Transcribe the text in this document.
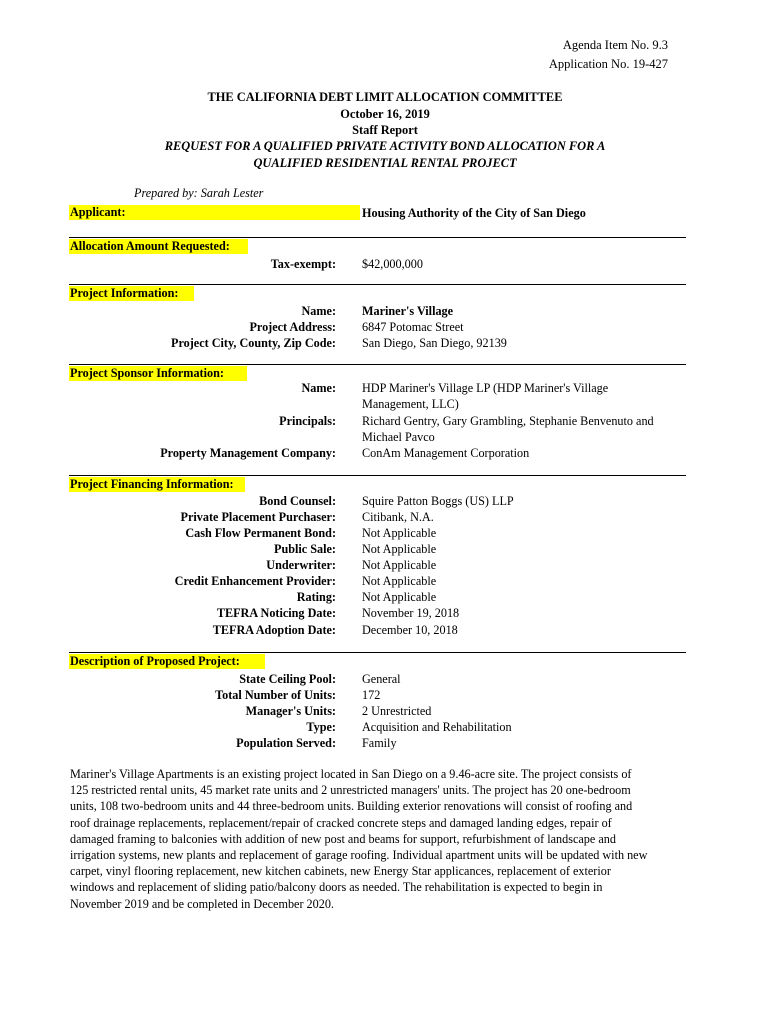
Agenda Item No. 9.3
Application No. 19-427
THE CALIFORNIA DEBT LIMIT ALLOCATION COMMITTEE
October 16, 2019
Staff Report
REQUEST FOR A QUALIFIED PRIVATE ACTIVITY BOND ALLOCATION FOR A
QUALIFIED RESIDENTIAL RENTAL PROJECT
Prepared by: Sarah Lester
Applicant:	Housing Authority of the City of San Diego
Allocation Amount Requested:
Tax-exempt: $42,000,000
Project Information:
Name:
Project Address:
Project City, County, Zip Code:
Mariner's Village
6847 Potomac Street
San Diego, San Diego, 92139
Project Sponsor Information:
Name: HDP Mariner's Village LP (HDP Mariner's Village
Management, LLC)
Principals: Richard Gentry, Gary Grambling, Stephanie Benvenuto and
Michael Pavco
Property Management Company: ConAm Management Corporation
Project Financing Information:
Bond Counsel:
Private Placement Purchaser:
Cash Flow Permanent Bond:
Public Sale:
Underwriter:
Credit Enhancement Provider:
Rating:
TEFRA Noticing Date:
TEFRA Adoption Date:
Squire Patton Boggs (US) LLP
Citibank, N.A.
Not Applicable
Not Applicable
Not Applicable
Not Applicable
Not Applicable
November 19, 2018
December 10, 2018
Description of Proposed Project:
State Ceiling Pool:
Total Number of Units:
Manager's Units:
Type:
Population Served:
General
172
2 Unrestricted
Acquisition and Rehabilitation
Family
Mariner's Village Apartments is an existing project located in San Diego on a 9.46-acre site. The project consists of
125 restricted rental units, 45 market rate units and 2 unrestricted managers' units. The project has 20 one-bedroom
units, 108 two-bedroom units and 44 three-bedroom units. Building exterior renovations will consist of roofing and
roof drainage replacements, replacement/repair of cracked concrete steps and damaged landing edges, repair of
damaged framing to balconies with addition of new post and beams for support, refurbishment of landscape and
irrigation systems, new plants and replacement of garage roofing. Individual apartment units will be updated with new
carpet, vinyl flooring replacement, new kitchen cabinets, new Energy Star applicances, replacement of exterior
windows and replacement of sliding patio/balcony doors as needed. The rehabilitation is expected to begin in
November 2019 and be completed in December 2020.
